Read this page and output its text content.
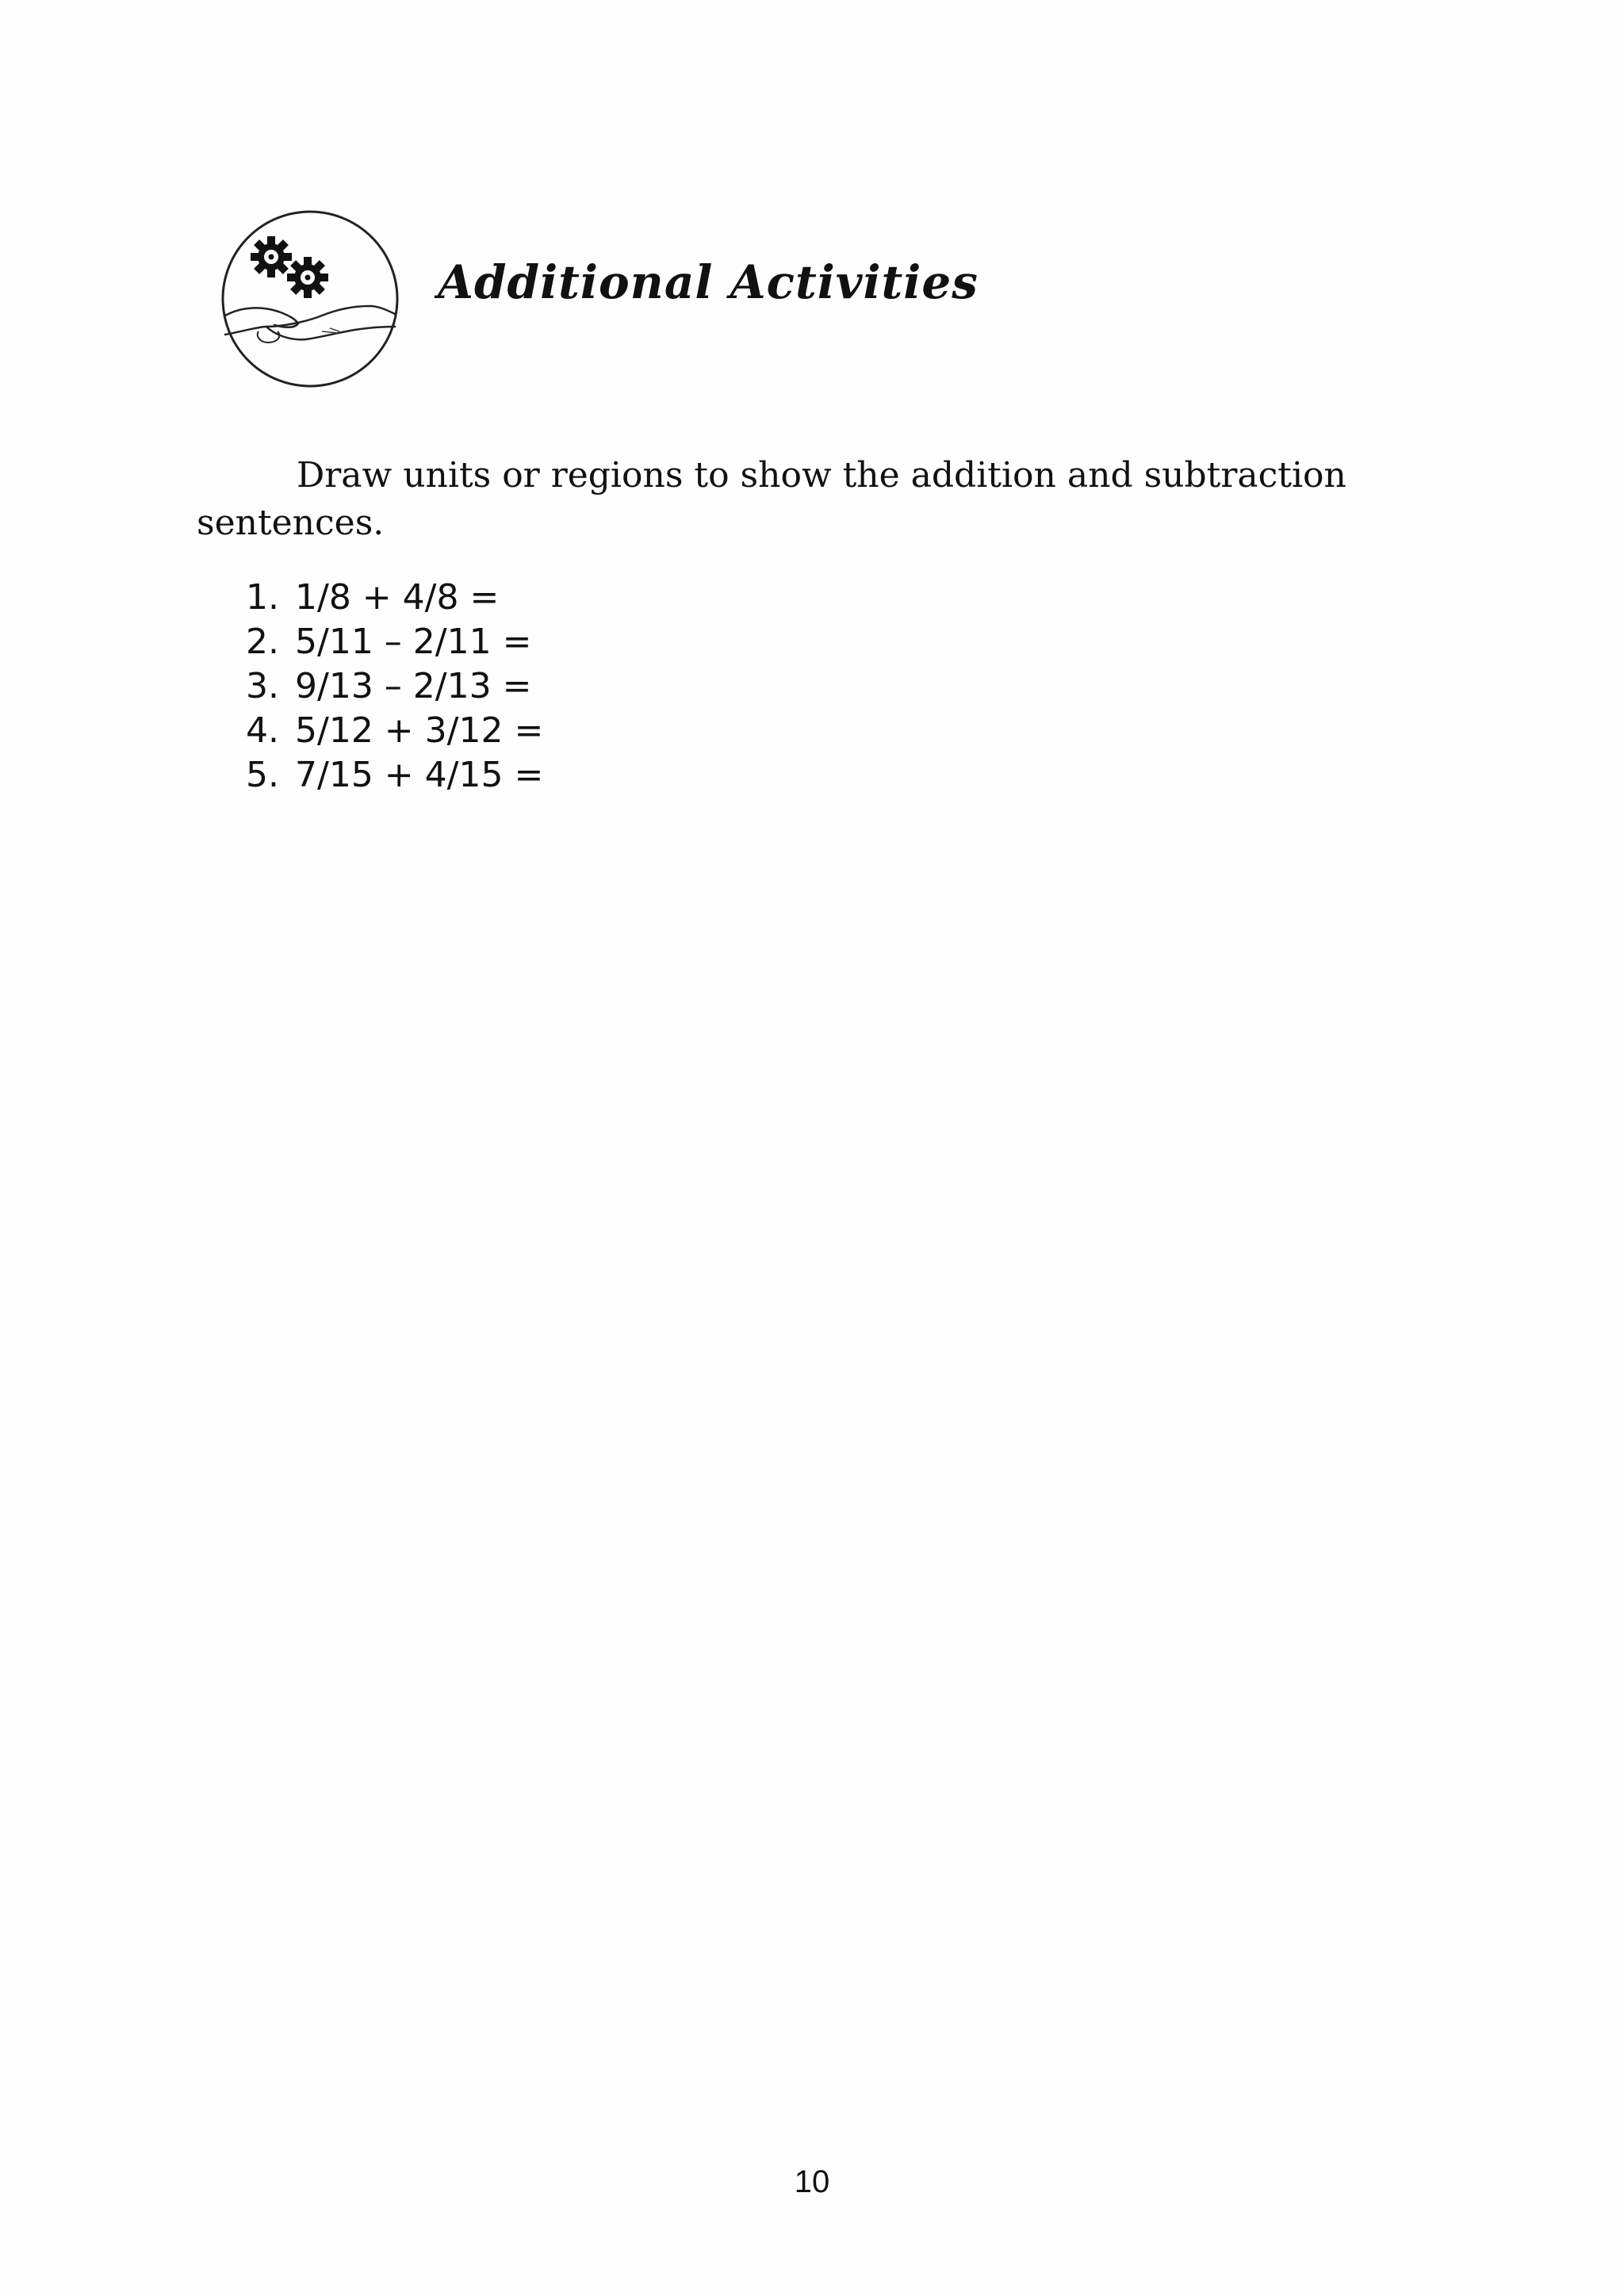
Additional Activities

Draw units or regions to show the addition and subtraction sentences.

1. 1/8 + 4/8 =
2. 5/11 – 2/11 =
3. 9/13 – 2/13 =
4. 5/12 + 3/12 =
5. 7/15 + 4/15 =
10
